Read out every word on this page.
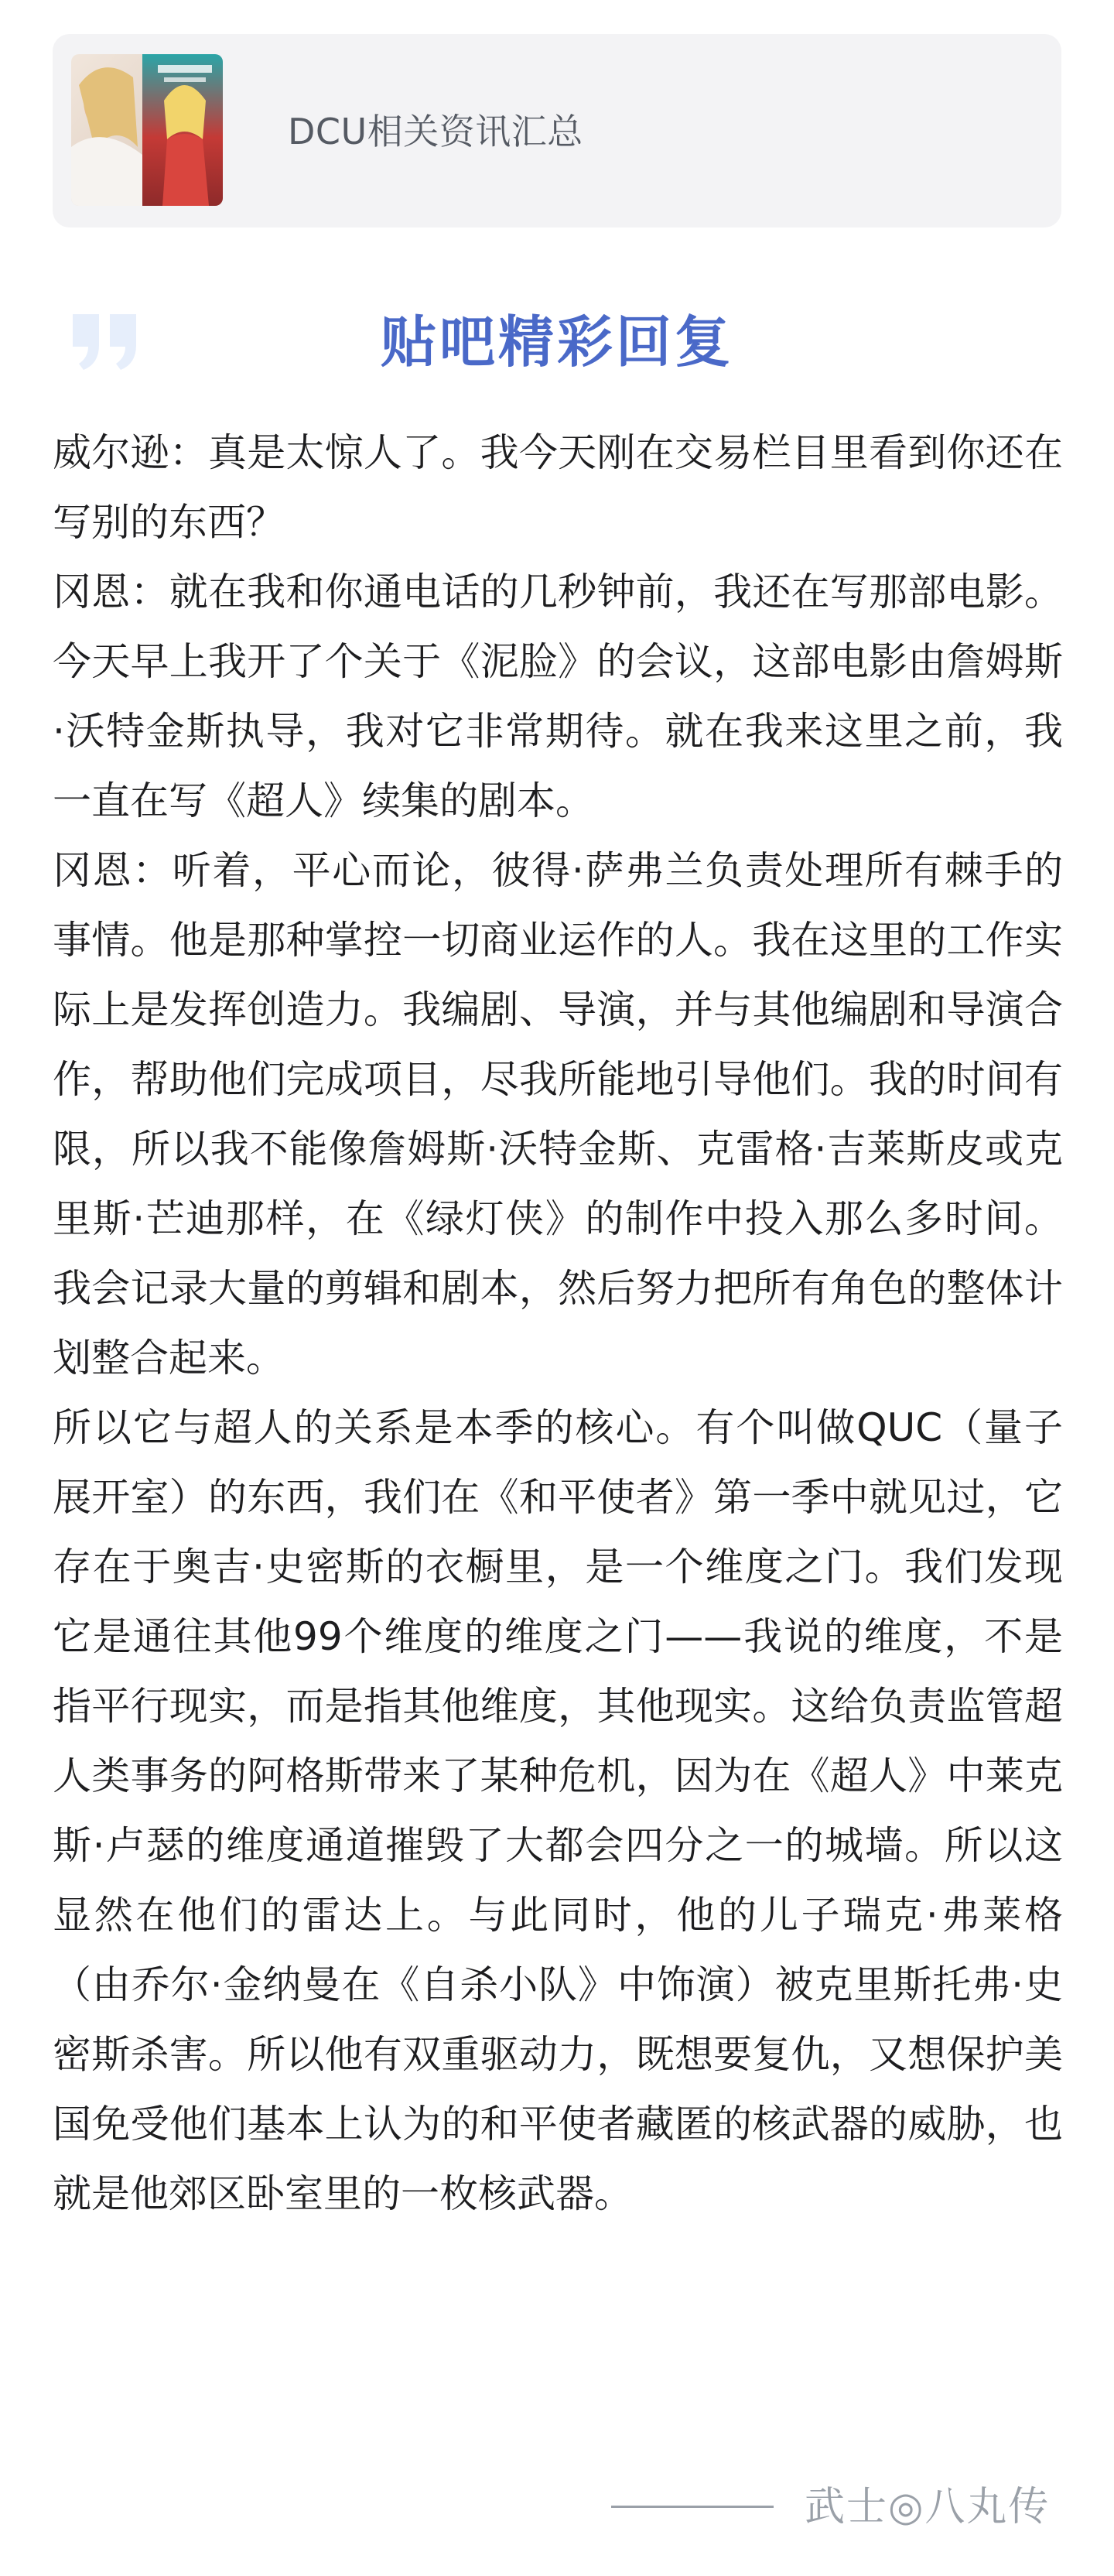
DCU相关资讯汇总
贴吧精彩回复

威尔逊：真是太惊人了。我今天刚在交易栏目里看到你还在写别的东西？

冈恩：就在我和你通电话的几秒钟前，我还在写那部电影。今天早上我开了个关于《泥脸》的会议，这部电影由詹姆斯·沃特金斯执导，我对它非常期待。就在我来这里之前，我一直在写《超人》续集的剧本。

冈恩：听着，平心而论，彼得·萨弗兰负责处理所有棘手的事情。他是那种掌控一切商业运作的人。我在这里的工作实际上是发挥创造力。我编剧、导演，并与其他编剧和导演合作，帮助他们完成项目，尽我所能地引导他们。我的时间有限，所以我不能像詹姆斯·沃特金斯、克雷格·吉莱斯皮或克里斯·芒迪那样，在《绿灯侠》的制作中投入那么多时间。我会记录大量的剪辑和剧本，然后努力把所有角色的整体计划整合起来。

所以它与超人的关系是本季的核心。有个叫做QUC（量子展开室）的东西，我们在《和平使者》第一季中就见过，它存在于奥吉·史密斯的衣橱里，是一个维度之门。我们发现它是通往其他99个维度的维度之门——我说的维度，不是指平行现实，而是指其他维度，其他现实。这给负责监管超人类事务的阿格斯带来了某种危机，因为在《超人》中莱克斯·卢瑟的维度通道摧毁了大都会四分之一的城墙。所以这显然在他们的雷达上。与此同时，他的儿子瑞克·弗莱格（由乔尔·金纳曼在《自杀小队》中饰演）被克里斯托弗·史密斯杀害。所以他有双重驱动力，既想要复仇，又想保护美国免受他们基本上认为的和平使者藏匿的核武器的威胁，也就是他郊区卧室里的一枚核武器。

武士◎八丸传
